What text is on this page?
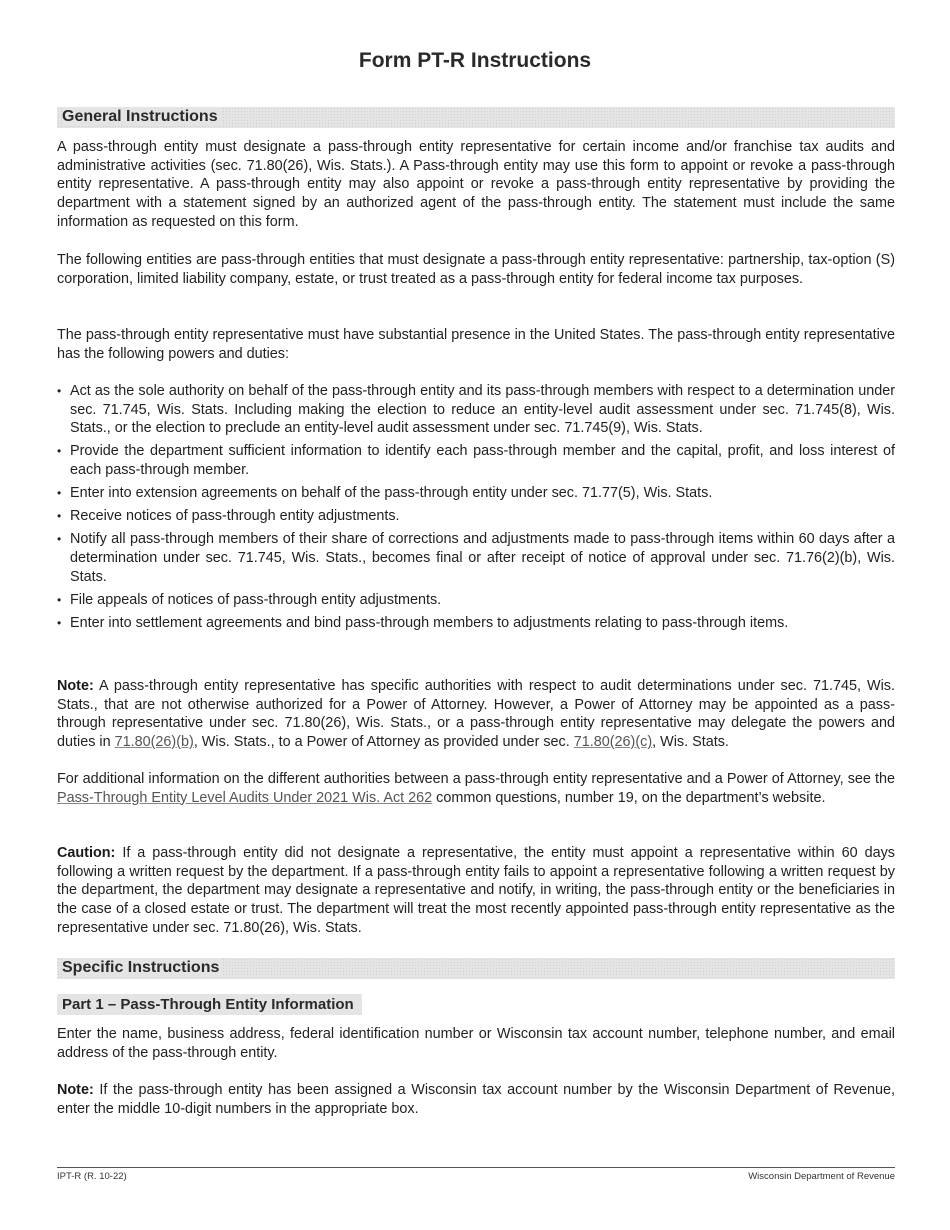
Form PT-R Instructions
General Instructions
A pass-through entity must designate a pass-through entity representative for certain income and/or franchise tax audits and administrative activities (sec. 71.80(26), Wis. Stats.). A Pass-through entity may use this form to appoint or revoke a pass-through entity representative. A pass-through entity may also appoint or revoke a pass-through entity representative by providing the department with a statement signed by an authorized agent of the pass-through entity. The statement must include the same information as requested on this form.
The following entities are pass-through entities that must designate a pass-through entity representative: partnership, tax-option (S) corporation, limited liability company, estate, or trust treated as a pass-through entity for federal income tax purposes.
The pass-through entity representative must have substantial presence in the United States. The pass-through entity representative has the following powers and duties:
• Act as the sole authority on behalf of the pass-through entity and its pass-through members with respect to a determination under sec. 71.745, Wis. Stats. Including making the election to reduce an entity-level audit assessment under sec. 71.745(8), Wis. Stats., or the election to preclude an entity-level audit assessment under sec. 71.745(9), Wis. Stats.
• Provide the department sufficient information to identify each pass-through member and the capital, profit, and loss interest of each pass-through member.
• Enter into extension agreements on behalf of the pass-through entity under sec. 71.77(5), Wis. Stats.
• Receive notices of pass-through entity adjustments.
• Notify all pass-through members of their share of corrections and adjustments made to pass-through items within 60 days after a determination under sec. 71.745, Wis. Stats., becomes final or after receipt of notice of approval under sec. 71.76(2)(b), Wis. Stats.
• File appeals of notices of pass-through entity adjustments.
• Enter into settlement agreements and bind pass-through members to adjustments relating to pass-through items.
Note: A pass-through entity representative has specific authorities with respect to audit determinations under sec. 71.745, Wis. Stats., that are not otherwise authorized for a Power of Attorney. However, a Power of Attorney may be appointed as a pass-through representative under sec. 71.80(26), Wis. Stats., or a pass-through entity representative may delegate the powers and duties in 71.80(26)(b), Wis. Stats., to a Power of Attorney as provided under sec. 71.80(26)(c), Wis. Stats.
For additional information on the different authorities between a pass-through entity representative and a Power of Attorney, see the Pass-Through Entity Level Audits Under 2021 Wis. Act 262 common questions, number 19, on the department’s website.
Caution: If a pass-through entity did not designate a representative, the entity must appoint a representative within 60 days following a written request by the department. If a pass-through entity fails to appoint a representative following a written request by the department, the department may designate a representative and notify, in writing, the pass-through entity or the beneficiaries in the case of a closed estate or trust. The department will treat the most recently appointed pass-through entity representative as the representative under sec. 71.80(26), Wis. Stats.
Specific Instructions
Part 1 – Pass-Through Entity Information
Enter the name, business address, federal identification number or Wisconsin tax account number, telephone number, and email address of the pass-through entity.
Note: If the pass-through entity has been assigned a Wisconsin tax account number by the Wisconsin Department of Revenue, enter the middle 10-digit numbers in the appropriate box.
IPT-R (R. 10-22)	Wisconsin Department of Revenue
